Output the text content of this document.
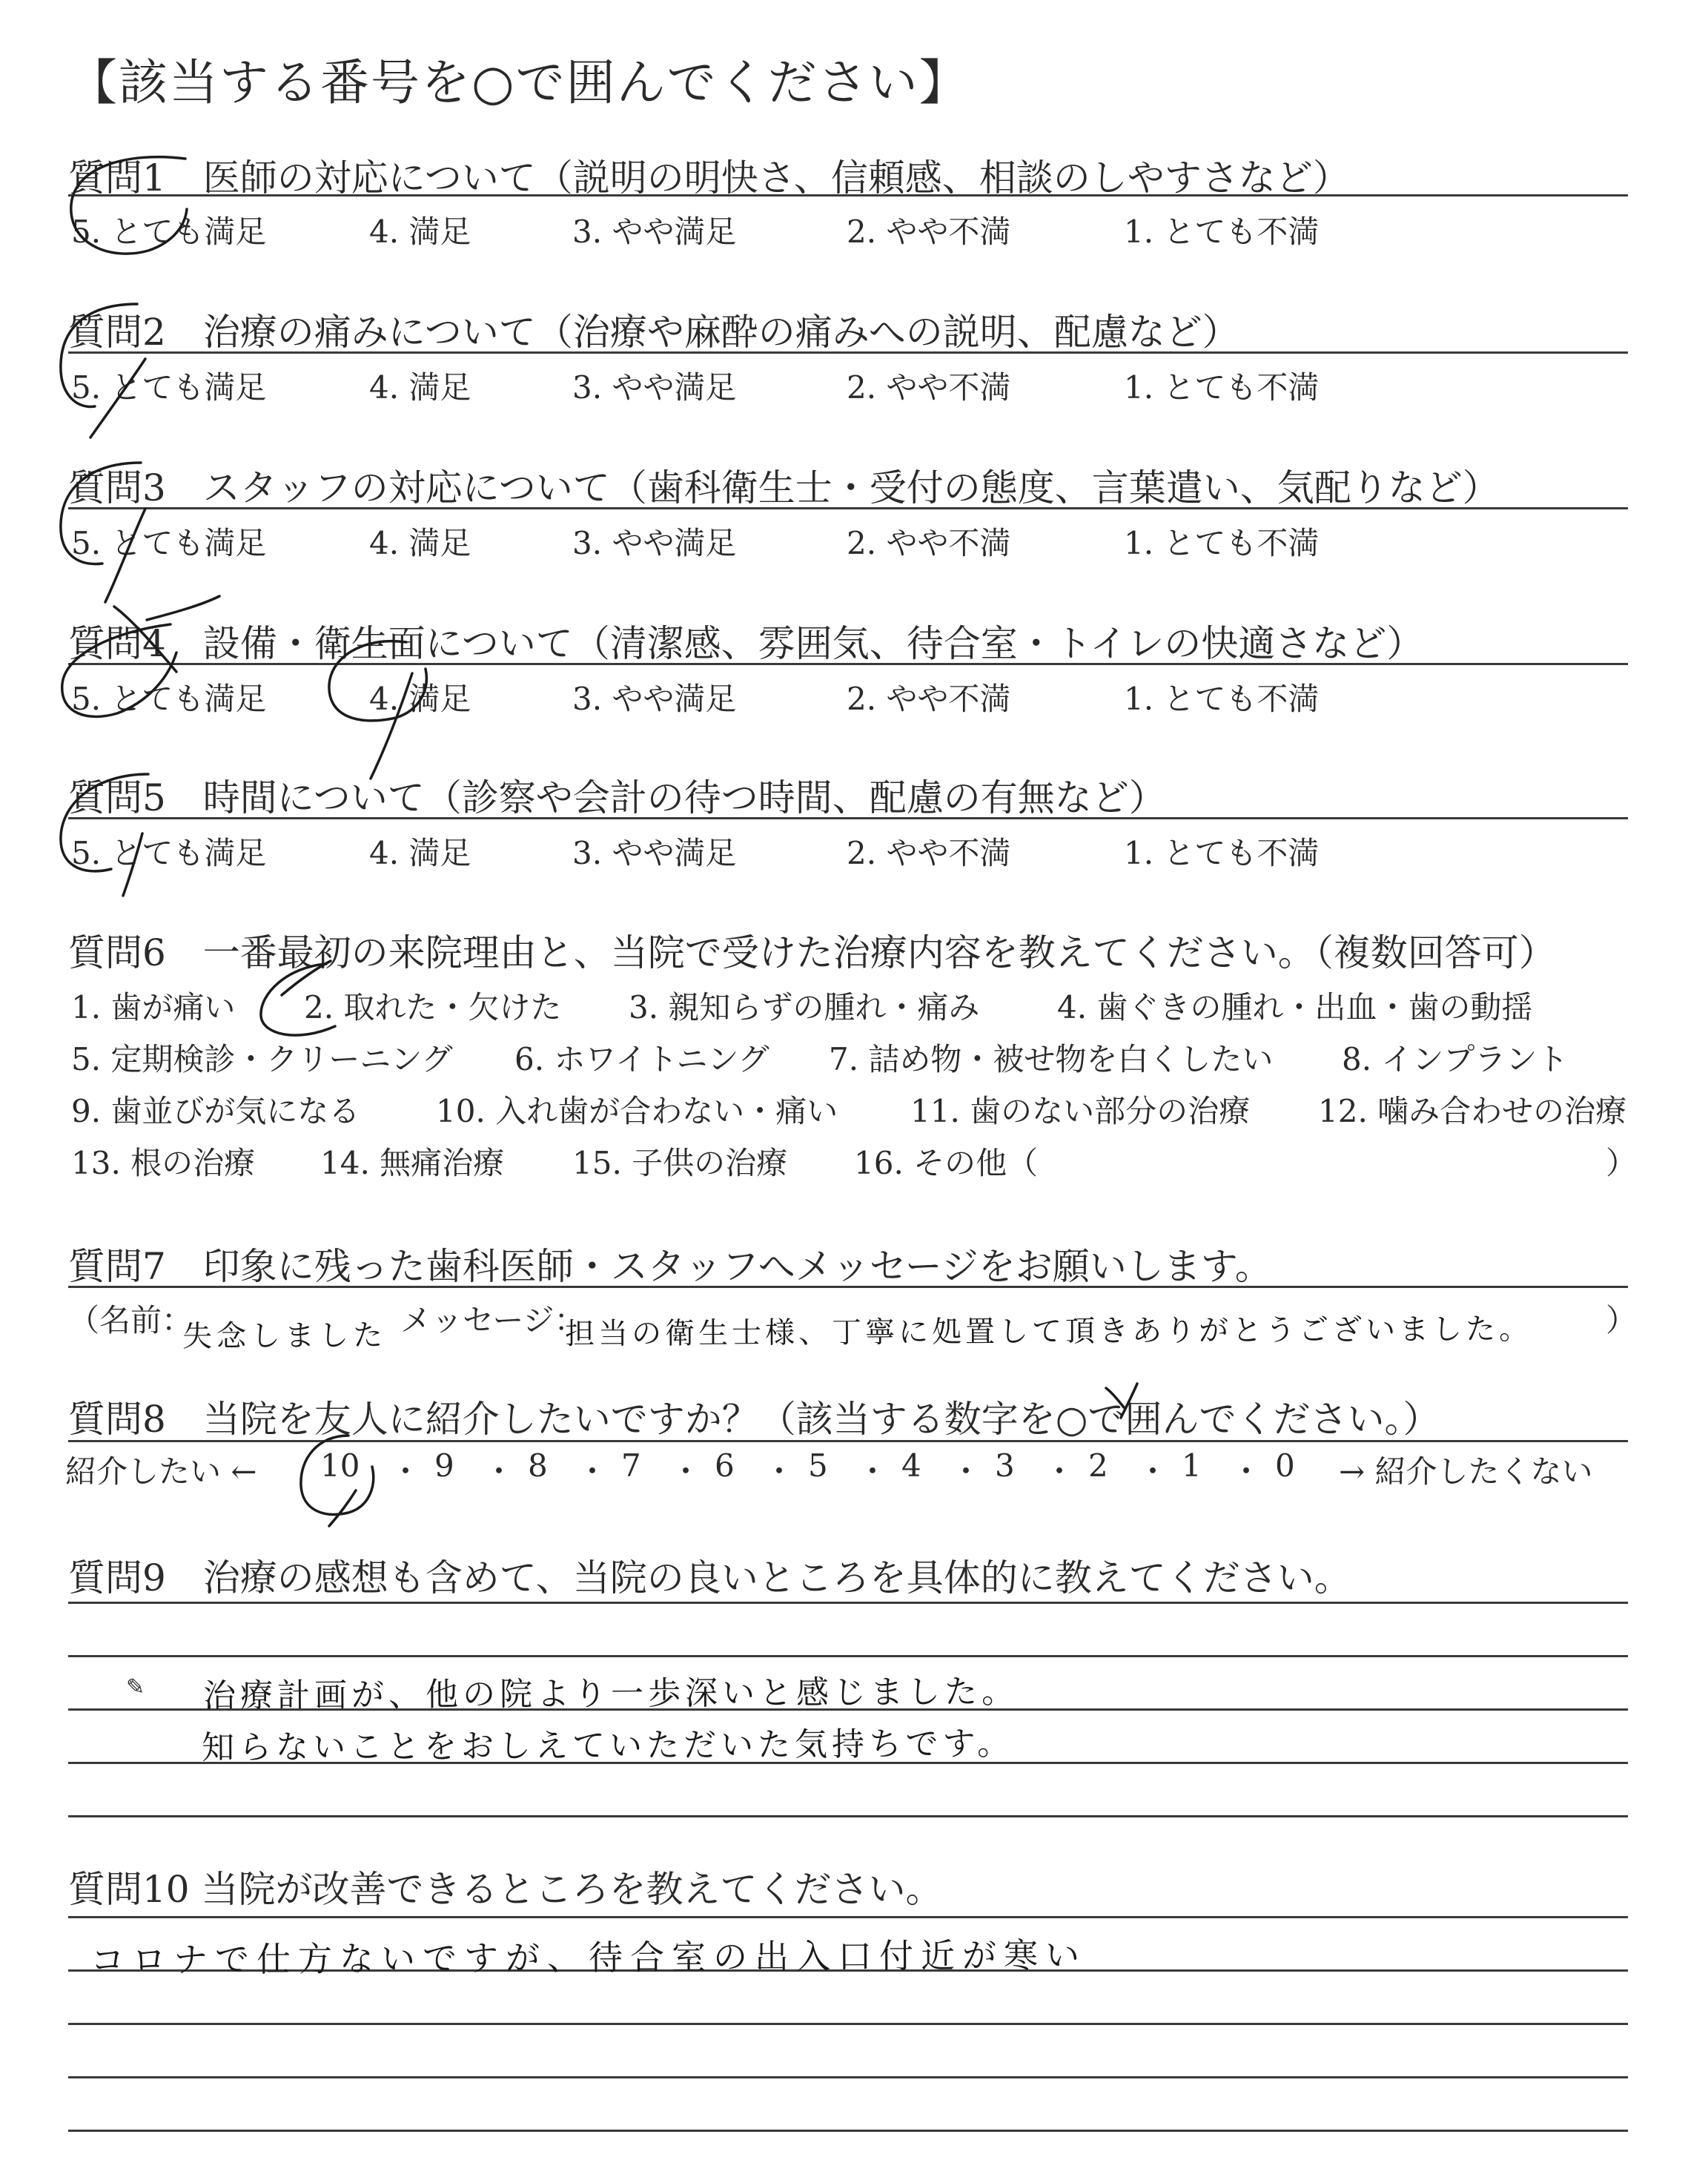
【該当する番号を○で囲んでください】
質問1　医師の対応について（説明の明快さ、信頼感、相談のしやすさなど）
5. とても満足	4. 満足	3. やや満足	2. やや不満	1. とても不満
質問2　治療の痛みについて（治療や麻酔の痛みへの説明、配慮など）
5. とても満足	4. 満足	3. やや満足	2. やや不満	1. とても不満
質問3　スタッフの対応について（歯科衛生士・受付の態度、言葉遣い、気配りなど）
5. とても満足	4. 満足	3. やや満足	2. やや不満	1. とても不満
質問4　設備・衛生面について（清潔感、雰囲気、待合室・トイレの快適さなど）
5. とても満足	4. 満足	3. やや満足	2. やや不満	1. とても不満
質問5　時間について（診察や会計の待つ時間、配慮の有無など）
5. とても満足	4. 満足	3. やや満足	2. やや不満	1. とても不満
質問6　一番最初の来院理由と、当院で受けた治療内容を教えてください。（複数回答可）
1. 歯が痛い 2. 取れた・欠けた 3. 親知らずの腫れ・痛み 4. 歯ぐきの腫れ・出血・歯の動揺
5. 定期検診・クリーニング 6. ホワイトニング 7. 詰め物・被せ物を白くしたい 8. インプラント
9. 歯並びが気になる 10. 入れ歯が合わない・痛い 11. 歯のない部分の治療 12. 噛み合わせの治療
13. 根の治療 14. 無痛治療 15. 子供の治療 16. その他（	）
質問7　印象に残った歯科医師・スタッフへメッセージをお願いします。
（名前：
失念しました メッセージ：
担当の衛生士様、丁寧に処置して頂きありがとうございました。 ）
質問8　当院を友人に紹介したいですか？（該当する数字を○で囲んでください。）
紹介したい ← 10 ・ 9 ・ 8 ・ 7 ・ 6 ・ 5 ・ 4 ・ 3 ・ 2 ・ 1 ・ 0 → 紹介したくない
質問9　治療の感想も含めて、当院の良いところを具体的に教えてください。
✎ 治療計画が、他の院より一歩深いと感じました。
知らないことをおしえていただいた気持ちです。
質問10 当院が改善できるところを教えてください。
コロナで仕方ないですが、待合室の出入口付近が寒い
